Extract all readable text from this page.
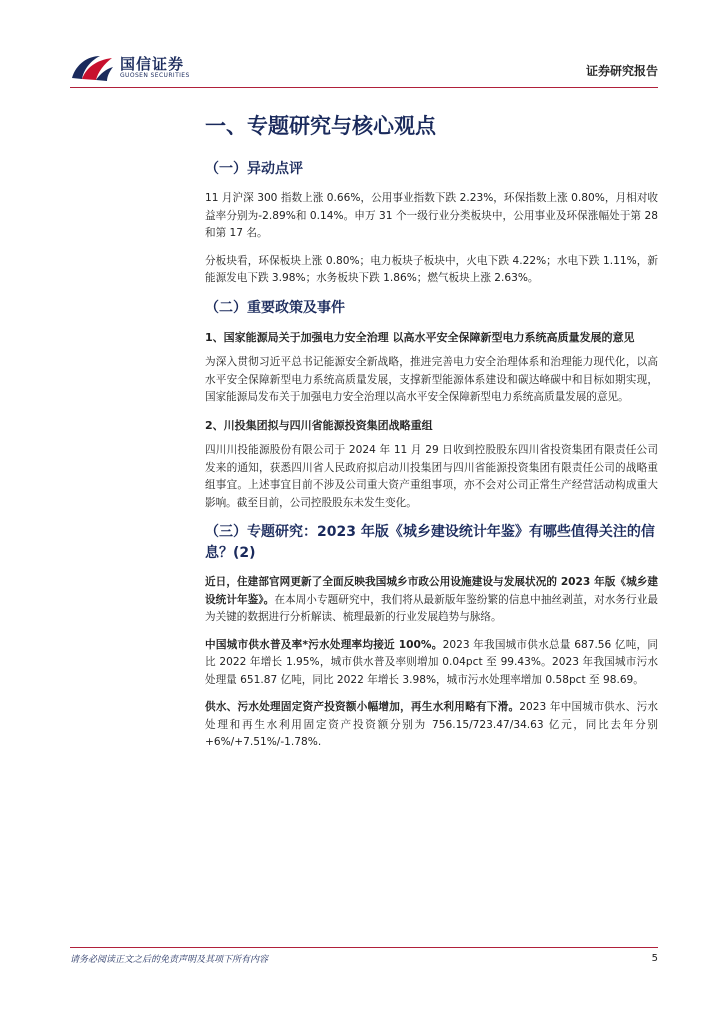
国信证券
GUOSEN SECURITIES	证券研究报告
一、专题研究与核心观点
（一）异动点评

11 月沪深 300 指数上涨 0.66%，公用事业指数下跌 2.23%，环保指数上涨 0.80%，月相对收益率分别为-2.89%和 0.14%。申万 31 个一级行业分类板块中，公用事业及环保涨幅处于第 28 和第 17 名。

分板块看，环保板块上涨 0.80%；电力板块子板块中，火电下跌 4.22%；水电下跌 1.11%，新能源发电下跌 3.98%；水务板块下跌 1.86%；燃气板块上涨 2.63%。

（二）重要政策及事件
1、国家能源局关于加强电力安全治理 以高水平安全保障新型电力系统高质量发展的意见

为深入贯彻习近平总书记能源安全新战略，推进完善电力安全治理体系和治理能力现代化，以高水平安全保障新型电力系统高质量发展，支撑新型能源体系建设和碳达峰碳中和目标如期实现，国家能源局发布关于加强电力安全治理以高水平安全保障新型电力系统高质量发展的意见。

2、川投集团拟与四川省能源投资集团战略重组

四川川投能源股份有限公司于 2024 年 11 月 29 日收到控股股东四川省投资集团有限责任公司发来的通知，获悉四川省人民政府拟启动川投集团与四川省能源投资集团有限责任公司的战略重组事宜。上述事宜目前不涉及公司重大资产重组事项，亦不会对公司正常生产经营活动构成重大影响。截至目前，公司控股股东未发生变化。

（三）专题研究：2023 年版《城乡建设统计年鉴》有哪些值得关注的信息？(2)

近日，住建部官网更新了全面反映我国城乡市政公用设施建设与发展状况的 2023 年版《城乡建设统计年鉴》。在本周小专题研究中，我们将从最新版年鉴纷繁的信息中抽丝剥茧，对水务行业最为关键的数据进行分析解读、梳理最新的行业发展趋势与脉络。

中国城市供水普及率*污水处理率均接近 100%。2023 年我国城市供水总量 687.56 亿吨，同比 2022 年增长 1.95%，城市供水普及率则增加 0.04pct 至 99.43%。2023 年我国城市污水处理量 651.87 亿吨，同比 2022 年增长 3.98%，城市污水处理率增加 0.58pct 至 98.69。

供水、污水处理固定资产投资额小幅增加，再生水利用略有下滑。2023 年中国城市供水、污水处理和再生水利用固定资产投资额分别为 756.15/723.47/34.63 亿元，同比去年分别+6%/+7.51%/-1.78%.

请务必阅读正文之后的免责声明及其项下所有内容	5
